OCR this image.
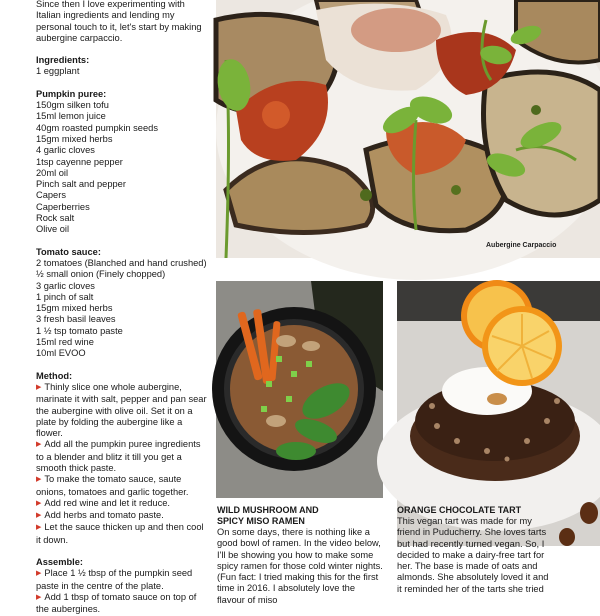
Since then I love experimenting with Italian ingredients and lending my personal touch to it, let's start by making aubergine carpaccio.

Ingredients:

1 eggplant

Pumpkin puree:

150gm silken tofu
15ml lemon juice
40gm roasted pumpkin seeds
15gm mixed herbs
4 garlic cloves
1tsp cayenne pepper
20ml oil
Pinch salt and pepper
Capers
Caperberries
Rock salt
Olive oil

Tomato sauce:

2 tomatoes (Blanched and hand crushed)
½ small onion (Finely chopped)
3 garlic cloves
1 pinch of salt
15gm mixed herbs
3 fresh basil leaves
1 ½ tsp tomato paste
15ml red wine
10ml EVOO

Method:

▶ Thinly slice one whole aubergine, marinate it with salt, pepper and pan sear the aubergine with olive oil. Set it on a plate by folding the aubergine like a flower.

▶ Add all the pumpkin puree ingredients to a blender and blitz it till you get a smooth thick paste.

▶ To make the tomato sauce, saute onions, tomatoes and garlic together.

▶ Add red wine and let it reduce.

▶ Add herbs and tomato paste.

▶ Let the sauce thicken up and then cool it down.

Assemble:

▶ Place 1 ½ tbsp of the pumpkin seed paste in the centre of the plate.

▶ Add 1 tbsp of tomato sauce on top of the aubergines.

Aubergine Carpaccio
WILD MUSHROOM AND
SPICY MISO RAMEN

On some days, there is nothing like a good bowl of ramen. In the video below, I'll be showing you how to make some spicy ramen for those cold winter nights. (Fun fact: I tried making this for the first time in 2016. I absolutely love the flavour of miso

ORANGE CHOCOLATE TART

This vegan tart was made for my friend in Puducherry. She loves tarts but had recently turned vegan. So, I decided to make a dairy-free tart for her. The base is made of oats and almonds. She absolutely loved it and it reminded her of the tarts she tried
